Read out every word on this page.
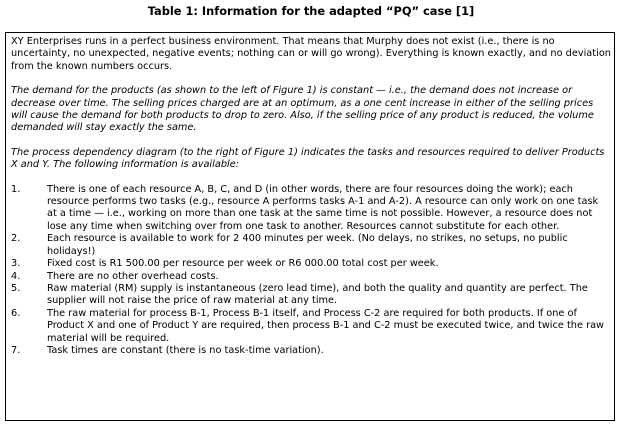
Table 1: Information for the adapted “PQ” case [1]

XY Enterprises runs in a perfect business environment. That means that Murphy does not exist (i.e., there is no uncertainty, no unexpected, negative events; nothing can or will go wrong). Everything is known exactly, and no deviation from the known numbers occurs.

The demand for the products (as shown to the left of Figure 1) is constant — i.e., the demand does not increase or decrease over time. The selling prices charged are at an optimum, as a one cent increase in either of the selling prices will cause the demand for both products to drop to zero. Also, if the selling price of any product is reduced, the volume demanded will stay exactly the same.

The process dependency diagram (to the right of Figure 1) indicates the tasks and resources required to deliver Products X and Y. The following information is available:

1.	There is one of each resource A, B, C, and D (in other words, there are four resources doing the work); each resource performs two tasks (e.g., resource A performs tasks A-1 and A-2). A resource can only work on one task at a time — i.e., working on more than one task at the same time is not possible. However, a resource does not lose any time when switching over from one task to another. Resources cannot substitute for each other.
2.	Each resource is available to work for 2 400 minutes per week. (No delays, no strikes, no setups, no public holidays!)
3.	Fixed cost is R1 500.00 per resource per week or R6 000.00 total cost per week.
4.	There are no other overhead costs.
5.	Raw material (RM) supply is instantaneous (zero lead time), and both the quality and quantity are perfect. The supplier will not raise the price of raw material at any time.
6.	The raw material for process B-1, Process B-1 itself, and Process C-2 are required for both products. If one of Product X and one of Product Y are required, then process B-1 and C-2 must be executed twice, and twice the raw material will be required.
7.	Task times are constant (there is no task-time variation).
